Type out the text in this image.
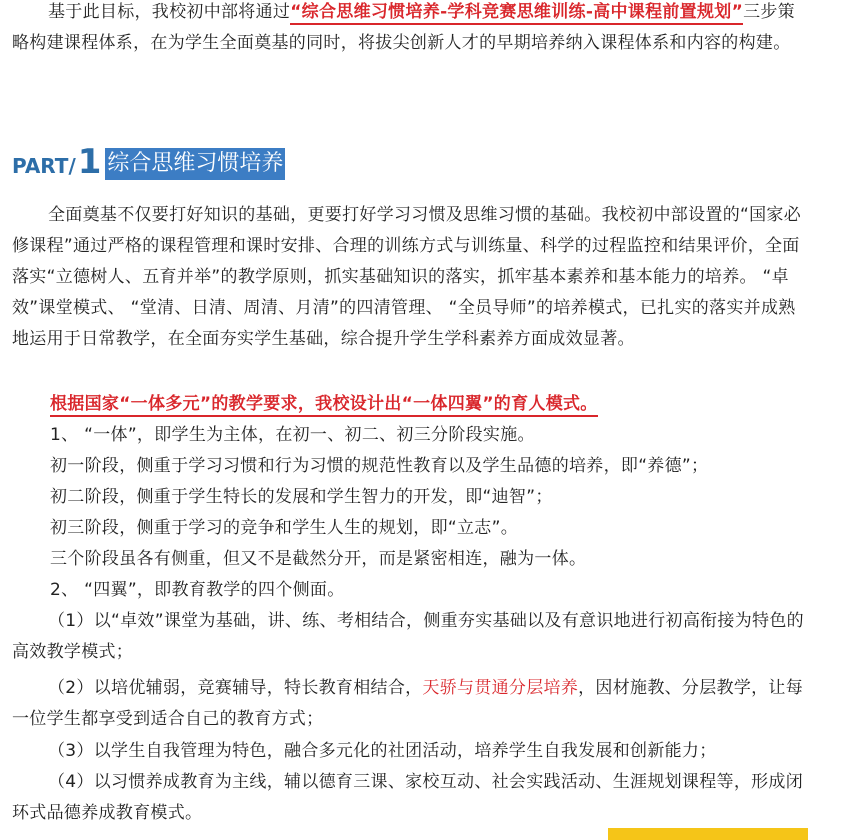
基于此目标，我校初中部将通过“综合思维习惯培养-学科竞赛思维训练-高中课程前置规划”三步策略构建课程体系，在为学生全面奠基的同时，将拔尖创新人才的早期培养纳入课程体系和内容的构建。

PART/ 1 综合思维习惯培养

全面奠基不仅要打好知识的基础，更要打好学习习惯及思维习惯的基础。我校初中部设置的“国家必修课程”通过严格的课程管理和课时安排、合理的训练方式与训练量、科学的过程监控和结果评价，全面落实“立德树人、五育并举”的教学原则，抓实基础知识的落实，抓牢基本素养和基本能力的培养。 “卓效”课堂模式、 “堂清、日清、周清、月清”的四清管理、 “全员导师”的培养模式，已扎实的落实并成熟地运用于日常教学，在全面夯实学生基础，综合提升学生学科素养方面成效显著。

根据国家“一体多元”的教学要求，我校设计出“一体四翼”的育人模式。

1、 “一体”，即学生为主体，在初一、初二、初三分阶段实施。

初一阶段，侧重于学习习惯和行为习惯的规范性教育以及学生品德的培养，即“养德”；

初二阶段，侧重于学生特长的发展和学生智力的开发，即“迪智”；

初三阶段，侧重于学习的竞争和学生人生的规划，即“立志”。

三个阶段虽各有侧重，但又不是截然分开，而是紧密相连，融为一体。

2、 “四翼”，即教育教学的四个侧面。

（1）以“卓效”课堂为基础，讲、练、考相结合，侧重夯实基础以及有意识地进行初高衔接为特色的高效教学模式；

（2）以培优辅弱，竞赛辅导，特长教育相结合，天骄与贯通分层培养，因材施教、分层教学，让每一位学生都享受到适合自己的教育方式；

（3）以学生自我管理为特色，融合多元化的社团活动，培养学生自我发展和创新能力；

（4）以习惯养成教育为主线，辅以德育三课、家校互动、社会实践活动、生涯规划课程等，形成闭环式品德养成教育模式。
